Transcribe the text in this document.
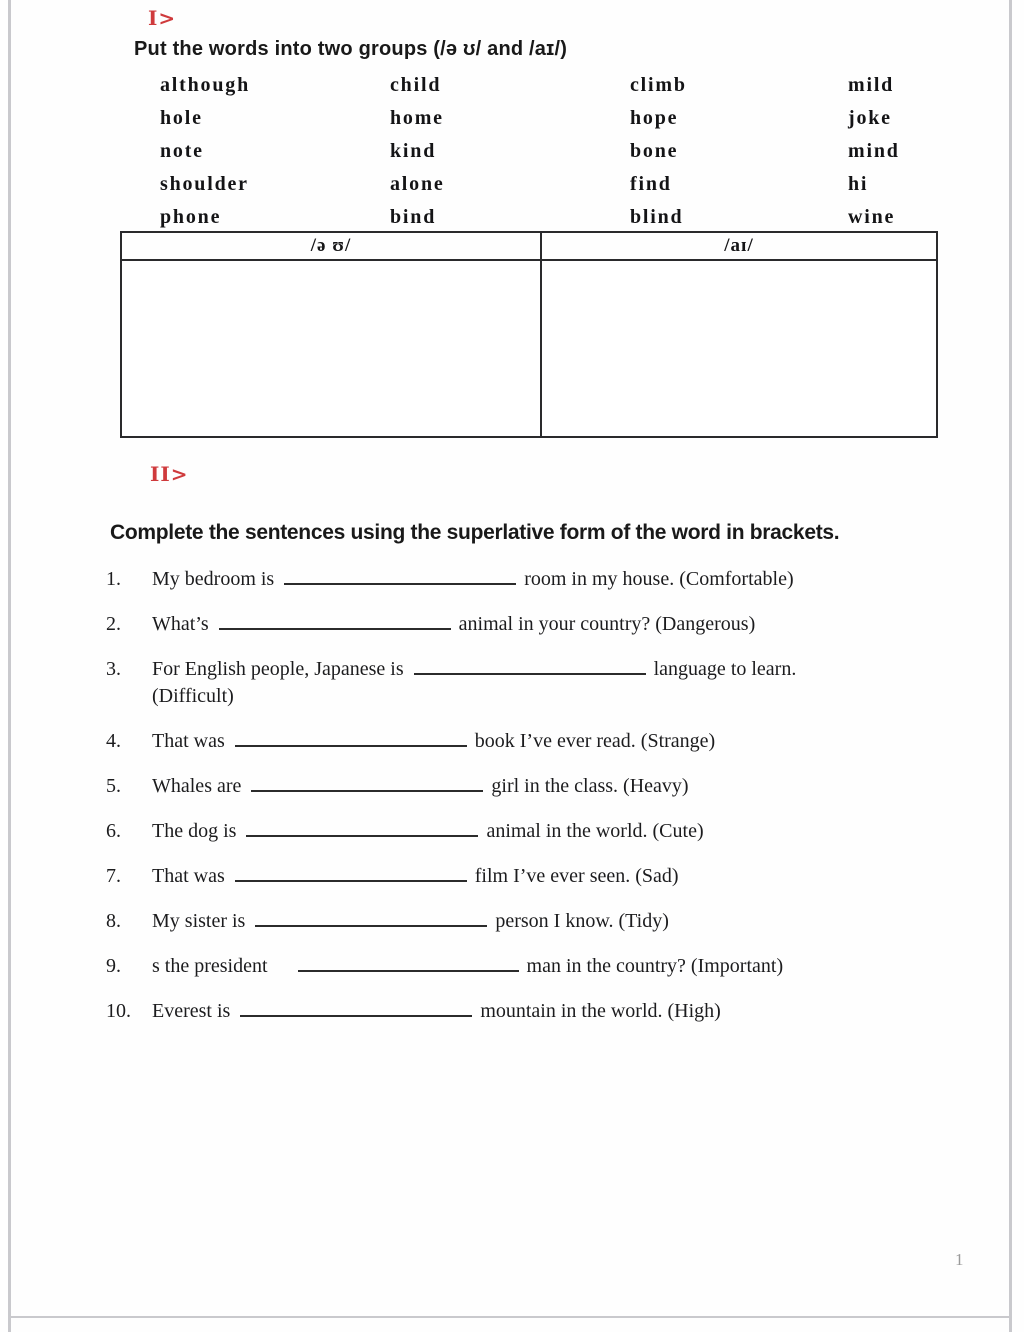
I>
Put the words into two groups (/ə ʊ/ and /aɪ/)
although	child	climb	mild
hole	home	hope	joke
note	kind	bone	mind
shoulder	alone	find	hi
phone	bind	blind	wine
/ə ʊ/	/aɪ/

II>
Complete the sentences using the superlative form of the word in brackets.
1. My bedroom is	room in my house. (Comfortable)
2. What’s	animal in your country? (Dangerous)
3. For English people, Japanese is	language to learn.
(Difficult)
4. That was	book I’ve ever read. (Strange)
5. Whales are	girl in the class. (Heavy)
6. The dog is	animal in the world. (Cute)
7. That was	film I’ve ever seen. (Sad)
8. My sister is	person I know. (Tidy)
9. s the president	man in the country? (Important)
10. Everest is	mountain in the world. (High)
1
